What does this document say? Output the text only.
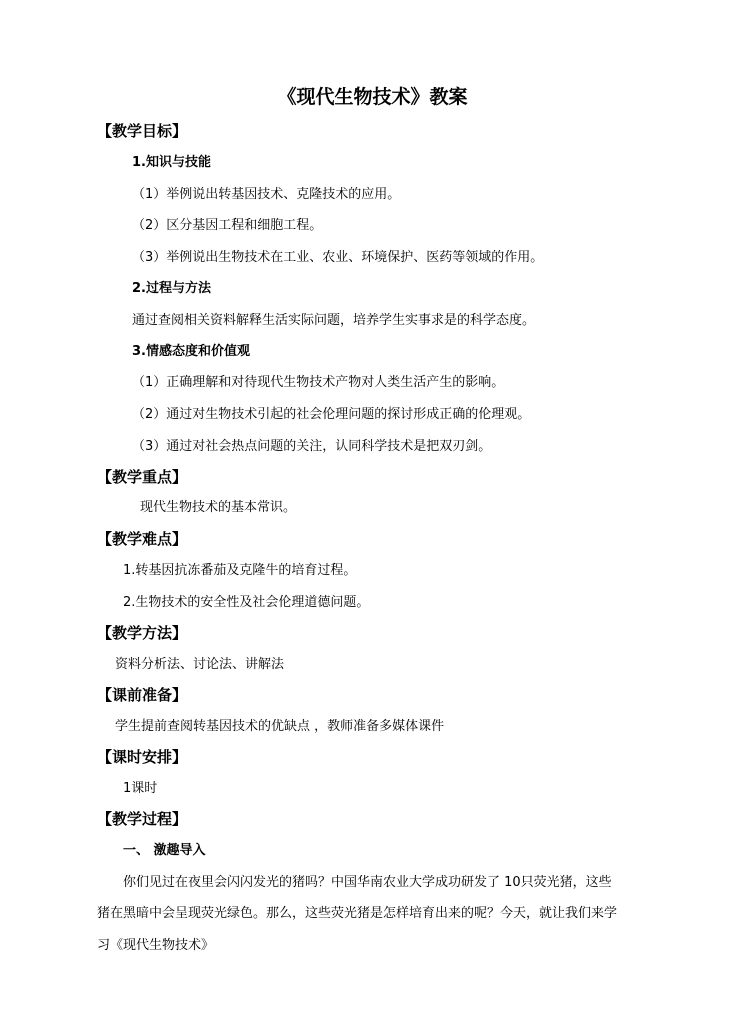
《现代生物技术》教案
【教学目标】
1.知识与技能
（1）举例说出转基因技术、克隆技术的应用。
（2）区分基因工程和细胞工程。
（3）举例说出生物技术在工业、农业、环境保护、医药等领域的作用。
2.过程与方法
通过查阅相关资料解释生活实际问题，培养学生实事求是的科学态度。
3.情感态度和价值观
（1）正确理解和对待现代生物技术产物对人类生活产生的影响。
（2）通过对生物技术引起的社会伦理问题的探讨形成正确的伦理观。
（3）通过对社会热点问题的关注，认同科学技术是把双刃剑。
【教学重点】
现代生物技术的基本常识。
【教学难点】
1.转基因抗冻番茄及克隆牛的培育过程。
2.生物技术的安全性及社会伦理道德问题。
【教学方法】
资料分析法、讨论法、讲解法
【课前准备】
学生提前查阅转基因技术的优缺点 ，教师准备多媒体课件
【课时安排】
1课时
【教学过程】
一、 激趣导入
你们见过在夜里会闪闪发光的猪吗？中国华南农业大学成功研发了 10只荧光猪，这些
猪在黑暗中会呈现荧光绿色。那么，这些荧光猪是怎样培育出来的呢？今天，就让我们来学
习《现代生物技术》
